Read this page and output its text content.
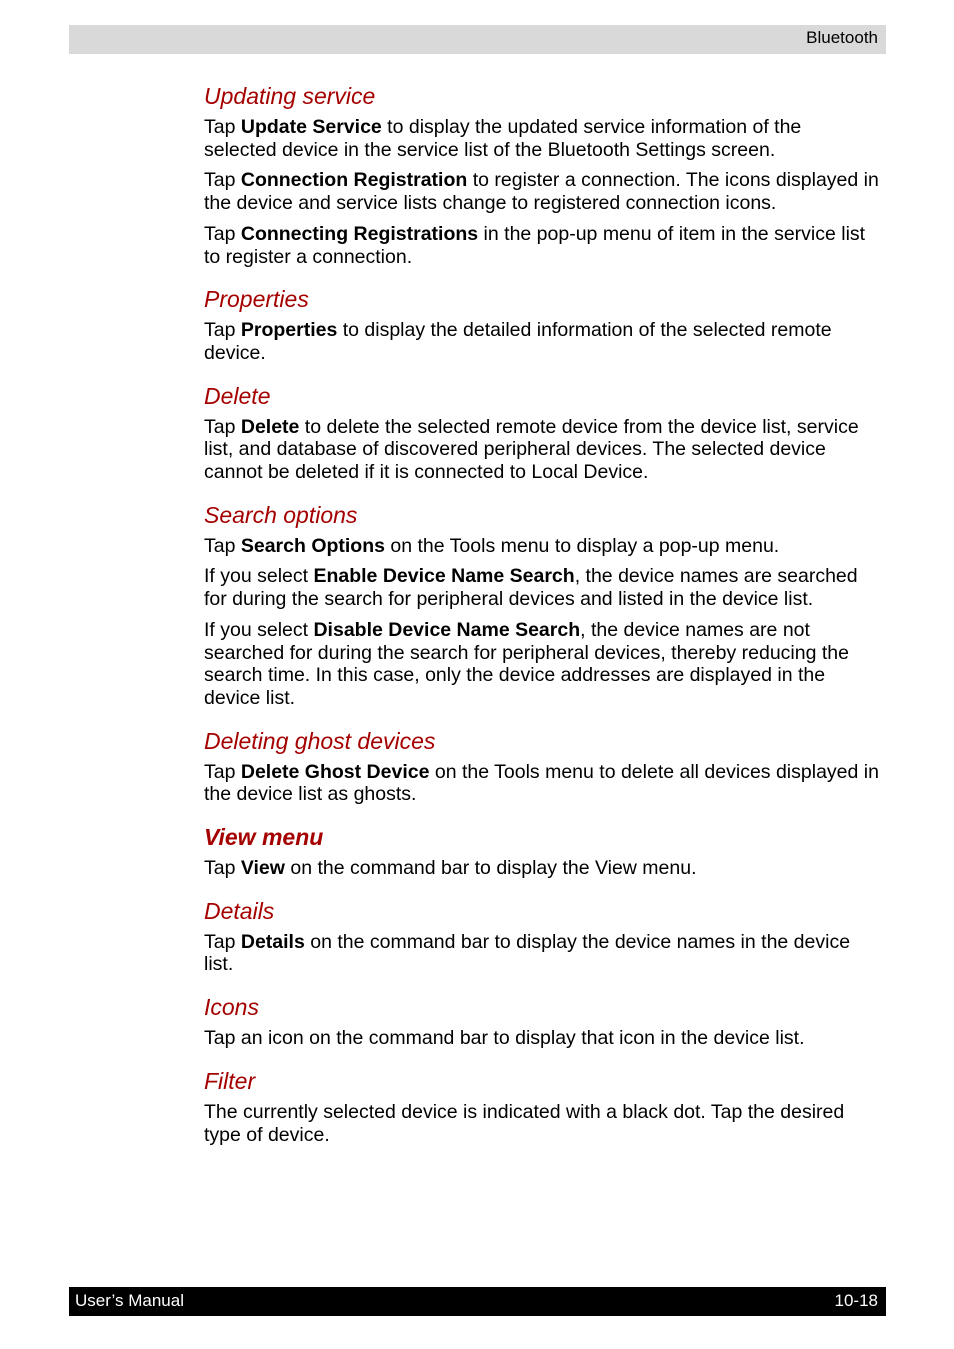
Bluetooth
Updating service

Tap Update Service to display the updated service information of the selected device in the service list of the Bluetooth Settings screen.

Tap Connection Registration to register a connection. The icons displayed in the device and service lists change to registered connection icons.

Tap Connecting Registrations in the pop-up menu of item in the service list to register a connection.

Properties

Tap Properties to display the detailed information of the selected remote device.

Delete

Tap Delete to delete the selected remote device from the device list, service list, and database of discovered peripheral devices. The selected device cannot be deleted if it is connected to Local Device.

Search options

Tap Search Options on the Tools menu to display a pop-up menu.

If you select Enable Device Name Search, the device names are searched for during the search for peripheral devices and listed in the device list.

If you select Disable Device Name Search, the device names are not searched for during the search for peripheral devices, thereby reducing the search time. In this case, only the device addresses are displayed in the device list.

Deleting ghost devices

Tap Delete Ghost Device on the Tools menu to delete all devices displayed in the device list as ghosts.

View menu

Tap View on the command bar to display the View menu.

Details

Tap Details on the command bar to display the device names in the device list.

Icons

Tap an icon on the command bar to display that icon in the device list.

Filter

The currently selected device is indicated with a black dot. Tap the desired type of device.

User’s Manual	10-18
